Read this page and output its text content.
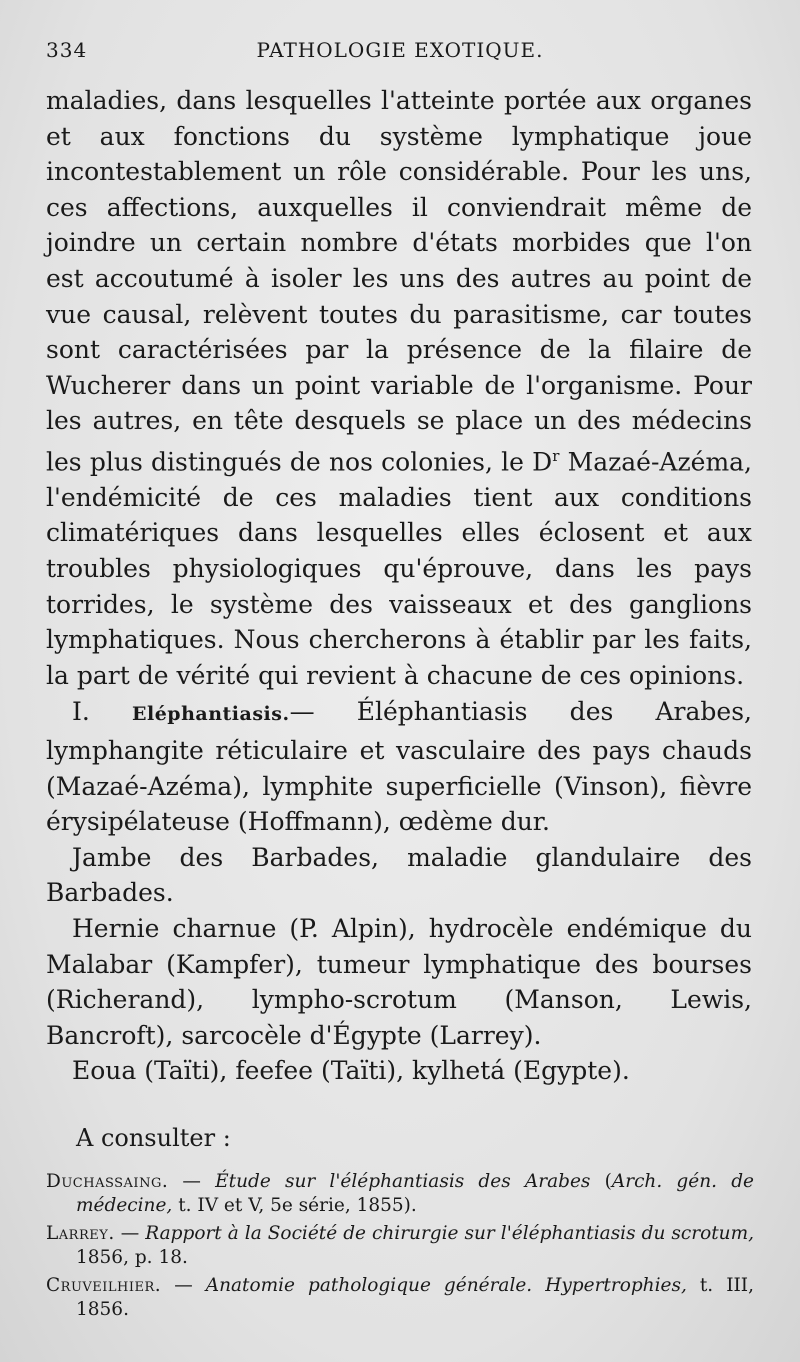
334	PATHOLOGIE EXOTIQUE.

maladies, dans lesquelles l'atteinte portée aux organes et aux fonctions du système lymphatique joue incontestablement un rôle considérable. Pour les uns, ces affections, auxquelles il conviendrait même de joindre un certain nombre d'états morbides que l'on est accoutumé à isoler les uns des autres au point de vue causal, relèvent toutes du parasitisme, car toutes sont caractérisées par la présence de la filaire de Wucherer dans un point variable de l'organisme. Pour les autres, en tête desquels se place un des médecins les plus distingués de nos colonies, le $D^r$ Mazaé-Azéma, l'endémicité de ces maladies tient aux conditions climatériques dans lesquelles elles éclosent et aux troubles physiologiques qu'éprouve, dans les pays torrides, le système des vaisseaux et des ganglions lymphatiques. Nous chercherons à établir par les faits, la part de vérité qui revient à chacune de ces opinions.

I. Eléphantiasis.— Éléphantiasis des Arabes, lymphangite réticulaire et vasculaire des pays chauds (Mazaé-Azéma), lymphite superficielle (Vinson), fièvre érysipélateuse (Hoffmann), œdème dur.

Jambe des Barbades, maladie glandulaire des Barbades.

Hernie charnue (P. Alpin), hydrocèle endémique du Malabar (Kampfer), tumeur lymphatique des bourses (Richerand), lympho-scrotum (Manson, Lewis, Bancroft), sarcocèle d'Égypte (Larrey).

Eoua (Taïti), feefee (Taïti), kylhetá (Egypte).

A consulter :

Duchassaing. — Étude sur l'éléphantiasis des Arabes (Arch. gén. de médecine, t. IV et V, 5e série, 1855).

Larrey. — Rapport à la Société de chirurgie sur l'éléphantiasis du scrotum, 1856, p. 18.

Cruveilhier. — Anatomie pathologique générale. Hypertrophies, t. III, 1856.
